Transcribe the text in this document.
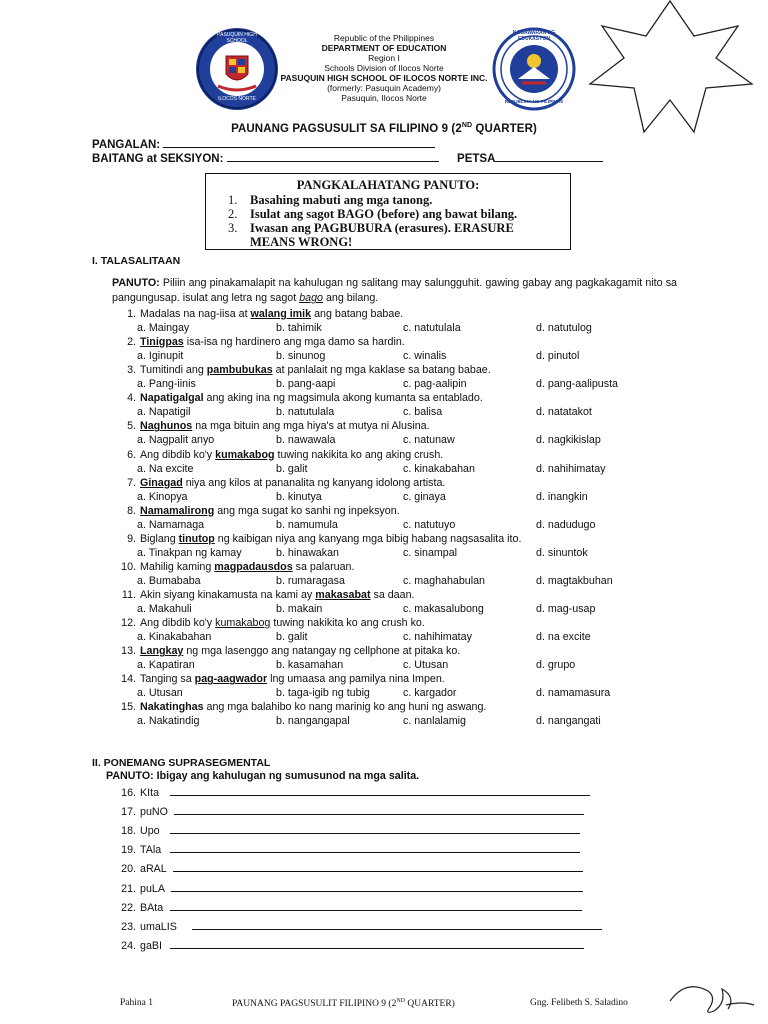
PASUQUIN HIGH SCHOOL
ILOCOS NORTE
KAGAWARAN NG EDUKASYON
REPUBLIKA NG PILIPINAS
Republic of the Philippines
DEPARTMENT OF EDUCATION
Region I
Schools Division of Ilocos Norte
PASUQUIN HIGH SCHOOL OF ILOCOS NORTE INC.
(formerly: Pasuquin Academy)
Pasuquin, Ilocos Norte
PAUNANG PAGSUSULIT SA FILIPINO 9 (2ND QUARTER)
PANGALAN:
BAITANG at SEKSIYON:	PETSA
PANGKALAHATANG PANUTO:
1. Basahing mabuti ang mga tanong.
2. Isulat ang sagot BAGO (before) ang bawat bilang.
3. Iwasan ang PAGBUBURA (erasures). ERASURE
MEANS WRONG!
I. TALASALITAAN
PANUTO: Piliin ang pinakamalapit na kahulugan ng salitang may salungguhit. gawing gabay ang pagkakagamit nito sa pangungusap. isulat ang letra ng sagot bago ang bilang.
1. Madalas na nag-iisa at walang imik ang batang babae.
a. Maingay	b. tahimik	c. natutulala	d. natutulog
2. Tinigpas isa-isa ng hardinero ang mga damo sa hardin.
a. Iginupit	b. sinunog	c. winalis	d. pinutol
3. Tumitindi ang pambubukas at panlalait ng mga kaklase sa batang babae.
a. Pang-iinis	b. pang-aapi	c. pag-aalipin	d. pang-aalipusta
4. Napatigalgal ang aking ina ng magsimula akong kumanta sa entablado.
a. Napatigil	b. natutulala	c. balisa	d. natatakot
5. Naghunos na mga bituin ang mga hiya's at mutya ni Alusina.
a. Nagpalit anyo	b. nawawala	c. natunaw	d. nagkikislap
6. Ang dibdib ko'y kumakabog tuwing nakikita ko ang aking crush.
a. Na excite	b. galit	c. kinakabahan	d. nahihimatay
7. Ginagad niya ang kilos at pananalita ng kanyang idolong artista.
a. Kinopya	b. kinutya	c. ginaya	d. inangkin
8. Namamalirong ang mga sugat ko sanhi ng inpeksyon.
a. Namamaga	b. namumula	c. natutuyo	d. nadudugo
9. Biglang tinutop ng kaibigan niya ang kanyang mga bibig habang nagsasalita ito.
a. Tinakpan ng kamay	b. hinawakan	c. sinampal	d. sinuntok
10. Mahilig kaming magpadausdos sa palaruan.
a. Bumababa	b. rumaragasa	c. maghahabulan	d. magtakbuhan
11. Akin siyang kinakamusta na kami ay makasabat sa daan.
a. Makahuli	b. makain	c. makasalubong	d. mag-usap
12. Ang dibdib ko'y kumakabog tuwing nakikita ko ang crush ko.
a. Kinakabahan	b. galit	c. nahihimatay	d. na excite
13. Langkay ng mga lasenggo ang natangay ng cellphone at pitaka ko.
a. Kapatiran	b. kasamahan	c. Utusan	d. grupo
14. Tanging sa pag-aagwador lng umaasa ang pamilya nina Impen.
a. Utusan	b. taga-igib ng tubig	c. kargador	d. namamasura
15. Nakatinghas ang mga balahibo ko nang marinig ko ang huni ng aswang.
a. Nakatindig	b. nangangapal	c. nanlalamig	d. nangangati
II. PONEMANG SUPRASEGMENTAL
PANUTO: Ibigay ang kahulugan ng sumusunod na mga salita.
16. KIta
17. puNO
18. Upo
19. TAla
20. aRAL
21. puLA
22. BAta
23. umaLIS
24. gaBI
Pahina 1	PAUNANG PAGSUSULIT FILIPINO 9 (2ND QUARTER)	Gng. Felibeth S. Saladino
